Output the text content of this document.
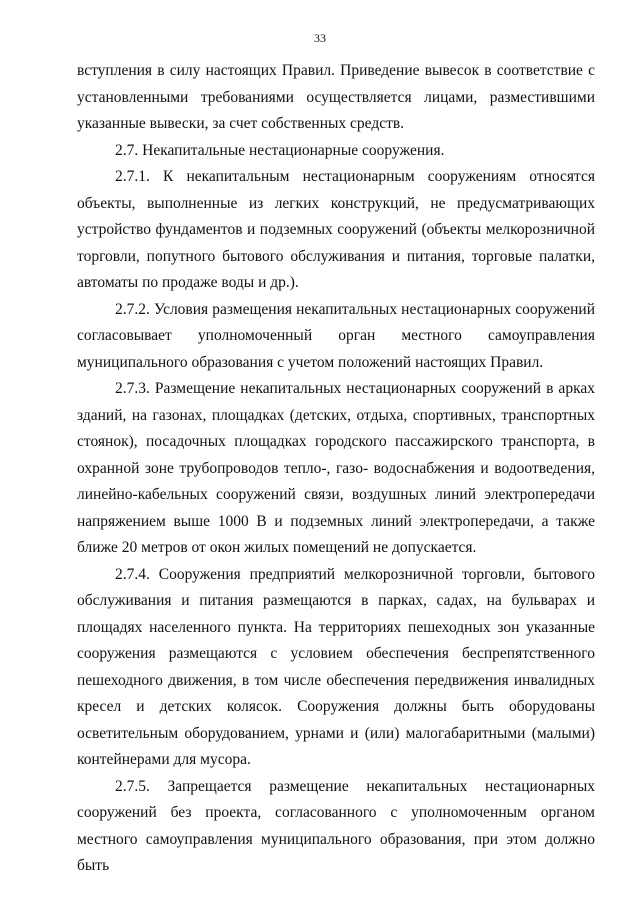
33

вступления в силу настоящих Правил. Приведение вывесок в соответствие с установленными требованиями осуществляется лицами, разместившими указанные вывески, за счет собственных средств.

2.7. Некапитальные нестационарные сооружения.

2.7.1. К некапитальным нестационарным сооружениям относятся объекты, выполненные из легких конструкций, не предусматривающих устройство фундаментов и подземных сооружений (объекты мелкорозничной торговли, попутного бытового обслуживания и питания, торговые палатки, автоматы по продаже воды и др.).

2.7.2. Условия размещения некапитальных нестационарных сооружений согласовывает уполномоченный орган местного самоуправления муниципального образования с учетом положений настоящих Правил.

2.7.3. Размещение некапитальных нестационарных сооружений в арках зданий, на газонах, площадках (детских, отдыха, спортивных, транспортных стоянок), посадочных площадках городского пассажирского транспорта, в охранной зоне трубопроводов тепло-, газо- водоснабжения и водоотведения, линейно-кабельных сооружений связи, воздушных линий электропередачи напряжением выше 1000 В и подземных линий электропередачи, а также ближе 20 метров от окон жилых помещений не допускается.

2.7.4. Сооружения предприятий мелкорозничной торговли, бытового обслуживания и питания размещаются в парках, садах, на бульварах и площадях населенного пункта. На территориях пешеходных зон указанные сооружения размещаются с условием обеспечения беспрепятственного пешеходного движения, в том числе обеспечения передвижения инвалидных кресел и детских колясок. Сооружения должны быть оборудованы осветительным оборудованием, урнами и (или) малогабаритными (малыми) контейнерами для мусора.

2.7.5. Запрещается размещение некапитальных нестационарных сооружений без проекта, согласованного с уполномоченным органом местного самоуправления муниципального образования, при этом должно быть
